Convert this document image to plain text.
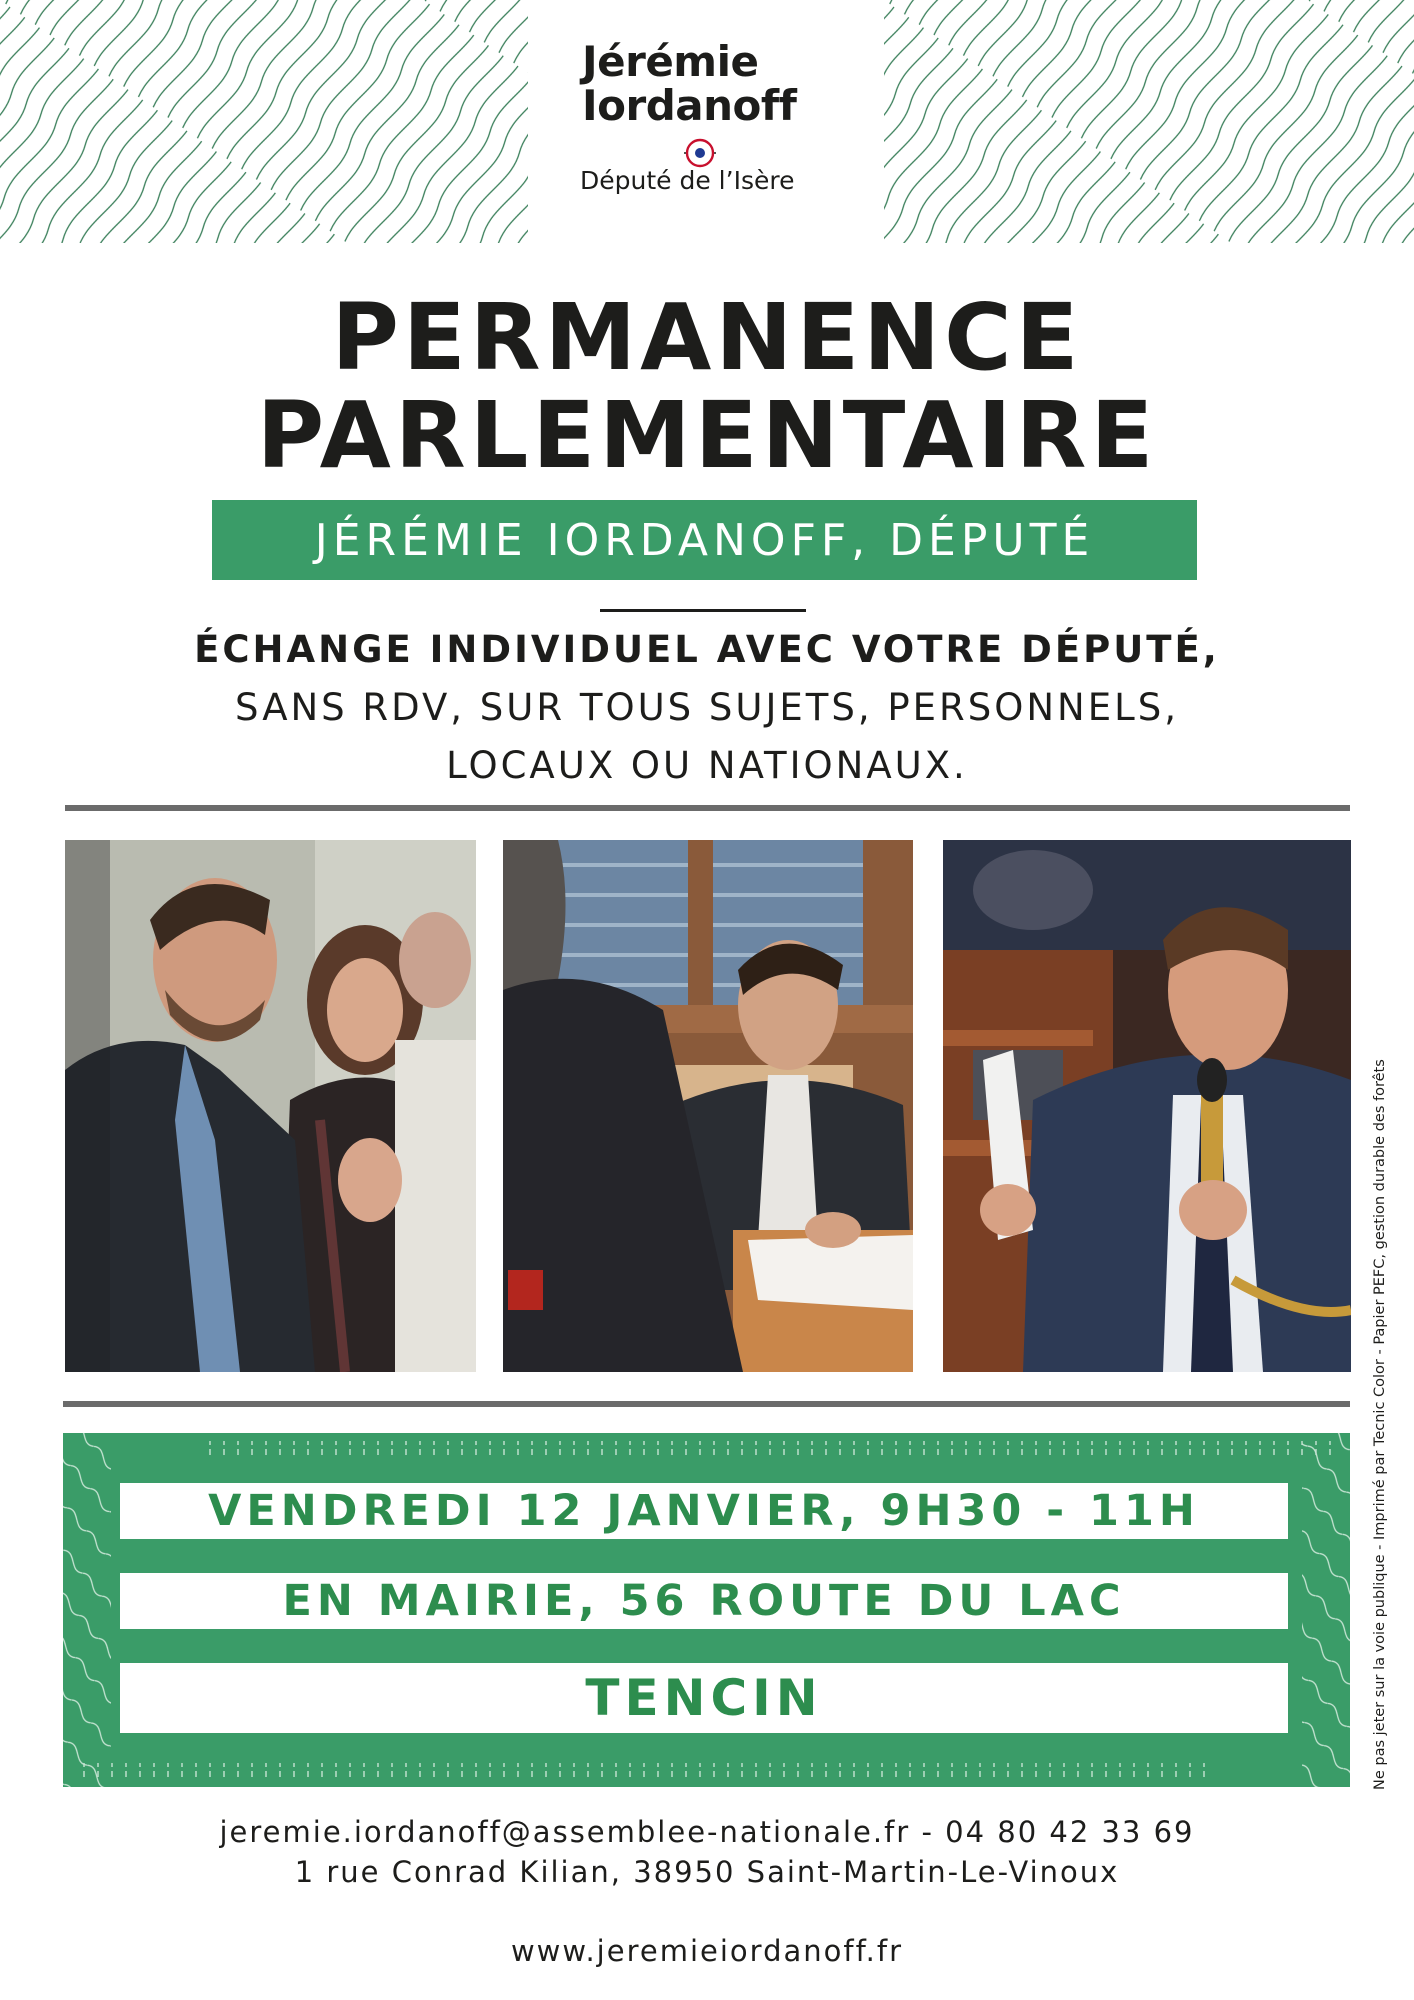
Jérémie
Iordanoff
Député de l’Isère
PERMANENCE
PARLEMENTAIRE
JÉRÉMIE IORDANOFF, DÉPUTÉ
ÉCHANGE INDIVIDUEL AVEC VOTRE DÉPUTÉ,
SANS RDV, SUR TOUS SUJETS, PERSONNELS,
LOCAUX OU NATIONAUX.
Ne pas jeter sur la voie publique - Imprimé par Tecnic Color - Papier PEFC, gestion durable des forêts
VENDREDI 12 JANVIER, 9H30 - 11H
EN MAIRIE, 56 ROUTE DU LAC
TENCIN
jeremie.iordanoff@assemblee-nationale.fr - 04 80 42 33 69
1 rue Conrad Kilian, 38950 Saint-Martin-Le-Vinoux
www.jeremieiordanoff.fr
